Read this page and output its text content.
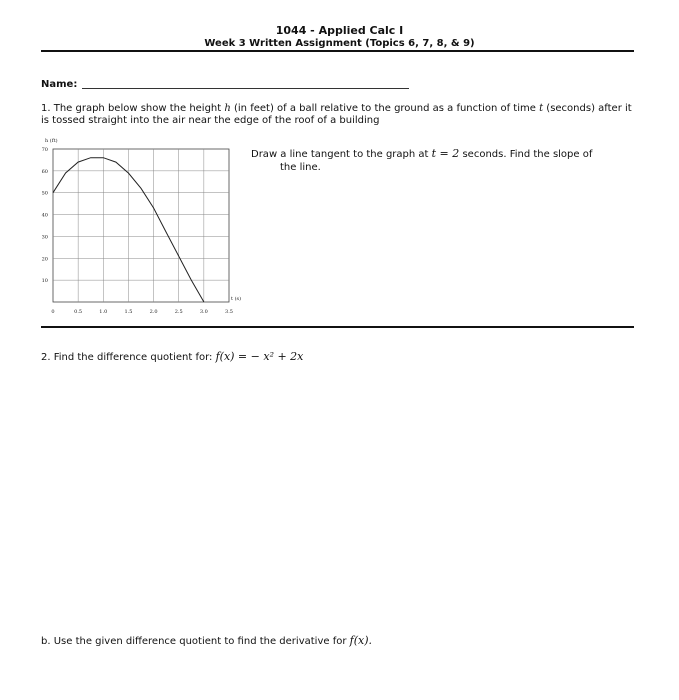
1044 - Applied Calc I
Week 3 Written Assignment (Topics 6, 7, 8, & 9)
Name:
1. The graph below show the height h (in feet) of a ball relative to the ground as a function of time t (seconds) after it is tossed straight into the air near the edge of the roof of a building
0	0.5	1.0	1.5	2.0	2.5	3.0	3.5
10
20
30
40
50
60
70
h (ft)
t (s)
Draw a line tangent to the graph at t = 2 seconds. Find the slope of
the line.
2. Find the difference quotient for: f(x) = − x² + 2x
b. Use the given difference quotient to find the derivative for f(x).
